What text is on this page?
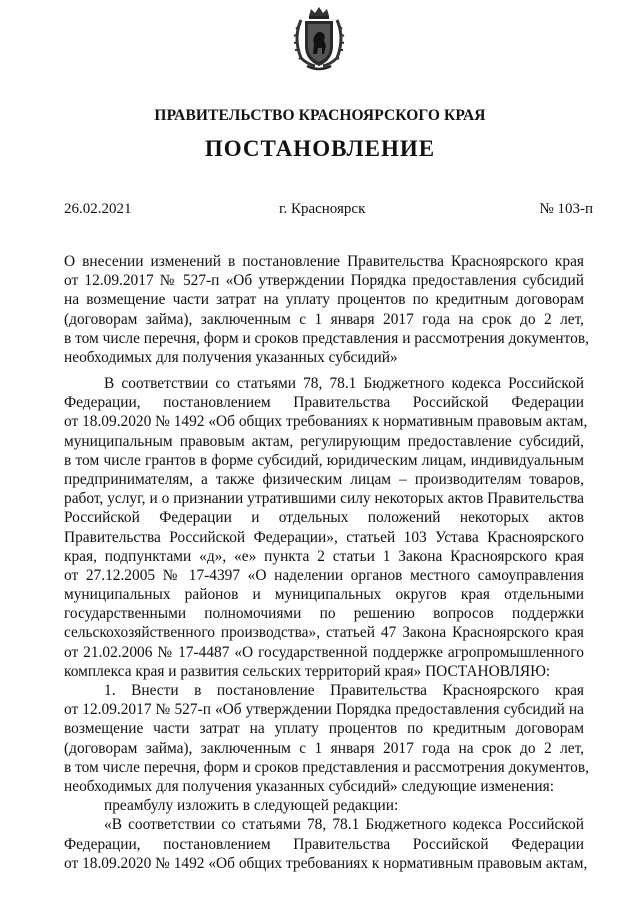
ПРАВИТЕЛЬСТВО КРАСНОЯРСКОГО КРАЯ
ПОСТАНОВЛЕНИЕ
26.02.2021	г. Красноярск	№ 103-п
О внесении изменений в постановление Правительства Красноярского края
от 12.09.2017 № 527-п «Об утверждении Порядка предоставления субсидий
на возмещение части затрат на уплату процентов по кредитным договорам
(договорам займа), заключенным с 1 января 2017 года на срок до 2 лет,
в том числе перечня, форм и сроков представления и рассмотрения документов,
необходимых для получения указанных субсидий»
В соответствии со статьями 78, 78.1 Бюджетного кодекса Российской
Федерации, постановлением Правительства Российской Федерации
от 18.09.2020 № 1492 «Об общих требованиях к нормативным правовым актам,
муниципальным правовым актам, регулирующим предоставление субсидий,
в том числе грантов в форме субсидий, юридическим лицам, индивидуальным
предпринимателям, а также физическим лицам – производителям товаров,
работ, услуг, и о признании утратившими силу некоторых актов Правительства
Российской Федерации и отдельных положений некоторых актов
Правительства Российской Федерации», статьей 103 Устава Красноярского
края, подпунктами «д», «е» пункта 2 статьи 1 Закона Красноярского края
от 27.12.2005 № 17-4397 «О наделении органов местного самоуправления
муниципальных районов и муниципальных округов края отдельными
государственными полномочиями по решению вопросов поддержки
сельскохозяйственного производства», статьей 47 Закона Красноярского края
от 21.02.2006 № 17-4487 «О государственной поддержке агропромышленного
комплекса края и развития сельских территорий края» ПОСТАНОВЛЯЮ:
1. Внести в постановление Правительства Красноярского края
от 12.09.2017 № 527-п «Об утверждении Порядка предоставления субсидий на
возмещение части затрат на уплату процентов по кредитным договорам
(договорам займа), заключенным с 1 января 2017 года на срок до 2 лет,
в том числе перечня, форм и сроков представления и рассмотрения документов,
необходимых для получения указанных субсидий» следующие изменения:
преамбулу изложить в следующей редакции:
«В соответствии со статьями 78, 78.1 Бюджетного кодекса Российской
Федерации, постановлением Правительства Российской Федерации
от 18.09.2020 № 1492 «Об общих требованиях к нормативным правовым актам,
